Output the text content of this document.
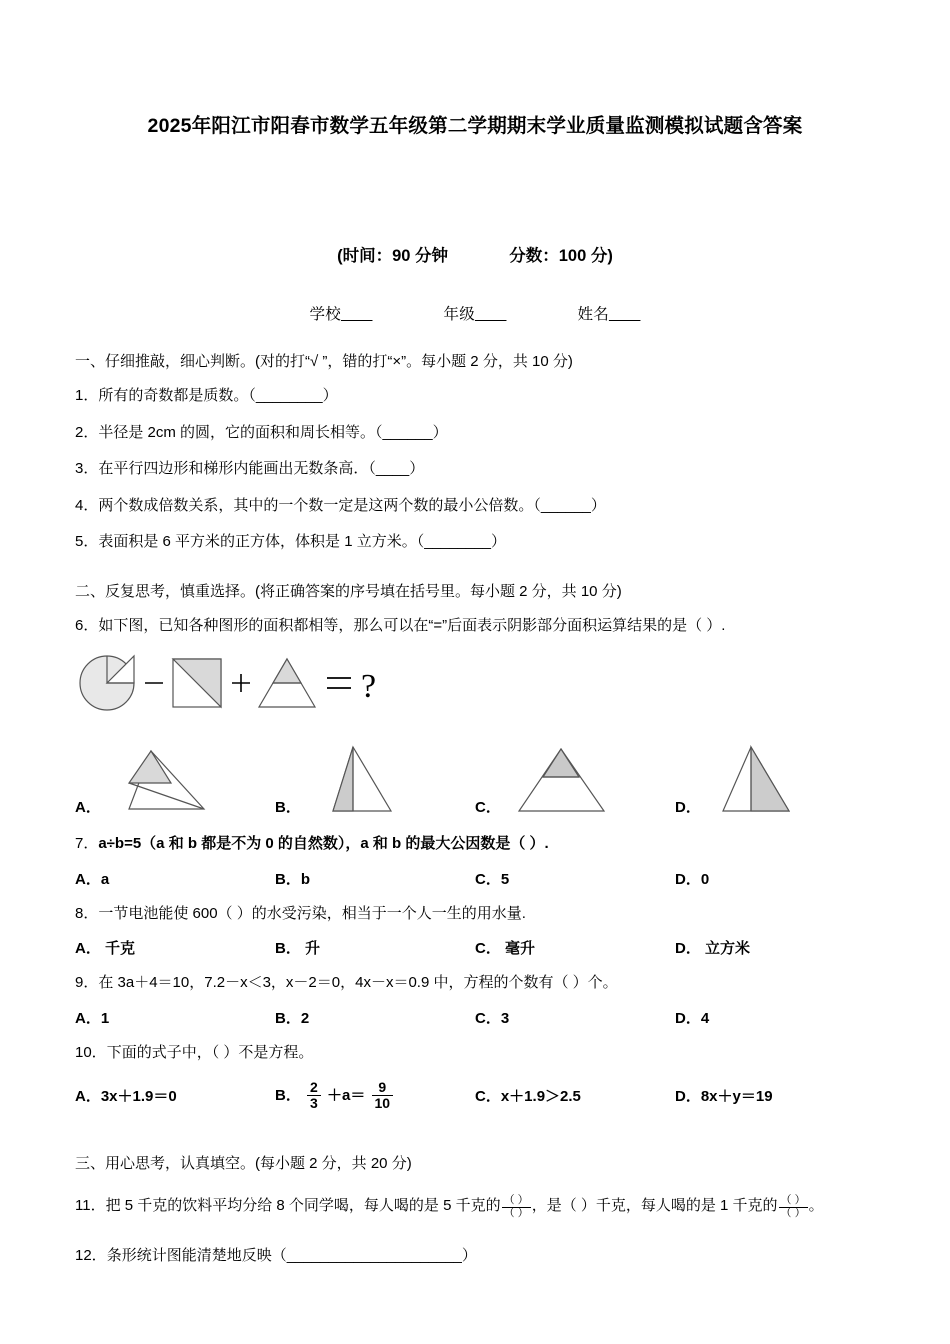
2025年阳江市阳春市数学五年级第二学期期末学业质量监测模拟试题含答案
(时间：90 分钟	分数：100 分)
学校	年级	姓名
一、仔细推敲，细心判断。(对的打“√ ”，错的打“×”。每小题 2 分，共 10 分)
1．所有的奇数都是质数。（________）
2．半径是 2cm 的圆，它的面积和周长相等。（______）
3．在平行四边形和梯形内能画出无数条高．（____）
4．两个数成倍数关系，其中的一个数一定是这两个数的最小公倍数。（______）
5．表面积是 6 平方米的正方体，体积是 1 立方米。（________）
二、反复思考，慎重选择。(将正确答案的序号填在括号里。每小题 2 分，共 10 分)
6．如下图，已知各种图形的面积都相等，那么可以在“=”后面表示阴影部分面积运算结果的是（ ）.
?
A．	B．	C．	D．
7．a÷b=5（a 和 b 都是不为 0 的自然数），a 和 b 的最大公因数是（ ）.
A．a	B．b	C．5	D．0
8．一节电池能使 600（ ）的水受污染，相当于一个人一生的用水量.
A． 千克	B． 升	C． 毫升	D． 立方米
9．在 3a＋4＝10，7.2－x＜3，x－2＝0，4x－x＝0.9 中，方程的个数有（ ）个。
A．1	B．2	C．3	D．4
10．下面的式子中，（ ）不是方程。
A．3x＋1.9＝0	B． $\frac{2}{3} +a= \frac{9}{10}$	C．x＋1.9＞2.5	D．8x＋y＝19
三、用心思考，认真填空。(每小题 2 分，共 20 分)
11．把 5 千克的饮料平均分给 8 个同学喝，每人喝的是 5 千克的 $\frac{( )}{( )}$ ，是（ ）千克，每人喝的是 1 千克的 $\frac{( )}{( )}$ 。
12．条形统计图能清楚地反映（_____________________）
